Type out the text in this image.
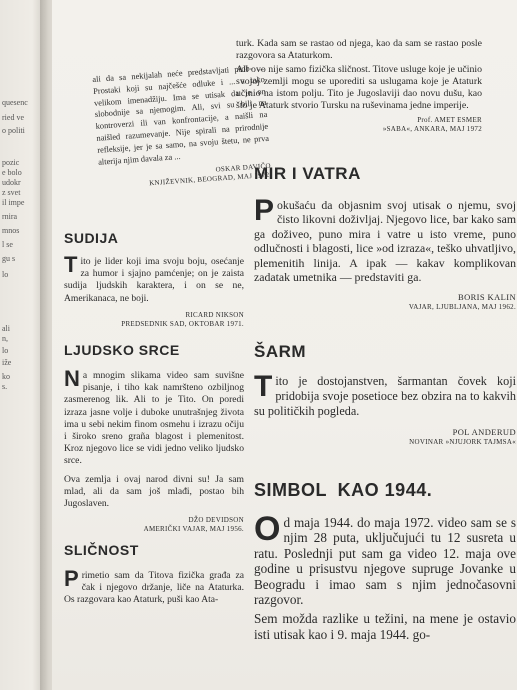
quesenc
ried ve
o politi
pozic
e bolo
udokr
z svet
il impe
rnira
mnos
l se
gu s
lo
ali
n,
lo
iže
ko
s.

ali da sa nekijalah neće predstavljati prob- ... Prostaki koji su najčešće odluke i ... a tako velikom imenadžiju. Ima se utisak da je on slobodnije sa njemogim. Ali, svi su bili na kontroverzi ili van konfrontacije, a naišli na naišled razumevanje. Nije spirali na prirodnije refleksije, jer je sa samo, na svoju štetu, ne prva alterija njim davala za ...

OSKAR DAVIČO

KNJIŽEVNIK, BEOGRAD, MAJ 1972.

turk. Kada sam se rastao od njega, kao da sam se rastao posle razgovora sa Ataturkom.

Ali ovo nije samo fizička sličnost. Titove usluge koje je učinio svojoj zemlji mogu se uporediti sa uslugama koje je Ataturk učinio na istom polju. Tito je Jugoslaviji dao novu dušu, kao što je Ataturk stvorio Tursku na ruševinama jedne imperije.

Prof. AMET ESMER

»SABA«, ANKARA, MAJ 1972

SUDIJA
T ito je lider koji ima svoju boju, osećanje za humor i sjajno pamćenje; on je zaista sudija ljudskih karaktera, i on se ne, Amerikanaca, ne boji.

RICARD NIKSON

PREDSEDNIK SAD, OKTOBAR 1971.

LJUDSKO SRCE
N a mnogim slikama video sam suvišne pisanje, i tiho kak namršteno ozbiljnog zasmerenog lik. Ali to je Tito. On poredi izraza jasne volje i duboke unutrašnjeg života ima u sebi nekim finom osmehu i izrazu očiju i široko sreno graña blagost i plemenitost. Kroz njegovo lice se vidi jedno veliko ljudsko srce.

Ova zemlja i ovaj narod divni su! Ja sam mlad, ali da sam još mlađi, postao bih Jugoslaven.

DŽO DEVIDSON

AMERIČKI VAJAR, MAJ 1956.

SLIČNOST
P rimetio sam da Titova fizička građa za čak i njegovo držanje, liče na Ataturka. Os razgovara kao Ataturk, puši kao Ata-

MIR I VATRA
P okušaću da objasnim svoj utisak o njemu, svoj čisto likovni doživljaj. Njegovo lice, bar kako sam ga doživeo, puno mira i vatre u isto vreme, puno odlučnosti i blagosti, lice »od izraza«, teško uhvatljivo, plemenitih linija. A ipak — kakav komplikovan zadatak umetnika — predstaviti ga.

BORIS KALIN

VAJAR, LJUBLJANA, MAJ 1962.

ŠARM
T ito je dostojanstven, šarmantan čovek koji pridobija svoje posetioce bez obzira na to kakvih su političkih pogleda.

POL ANDERUD

NOVINAR »NJUJORK TAJMSA«

SIMBOL  KAO 1944.
O d maja 1944. do maja 1972. video sam se s njim 28 puta, uključujući tu 12 susreta u ratu. Poslednji put sam ga video 12. maja ove godine u prisustvu njegove supruge Jovanke u Beogradu i imao sam s njim jednočasovni razgovor.

Sem možda razlike u težini, na mene je ostavio isti utisak kao i 9. maja 1944. go-
